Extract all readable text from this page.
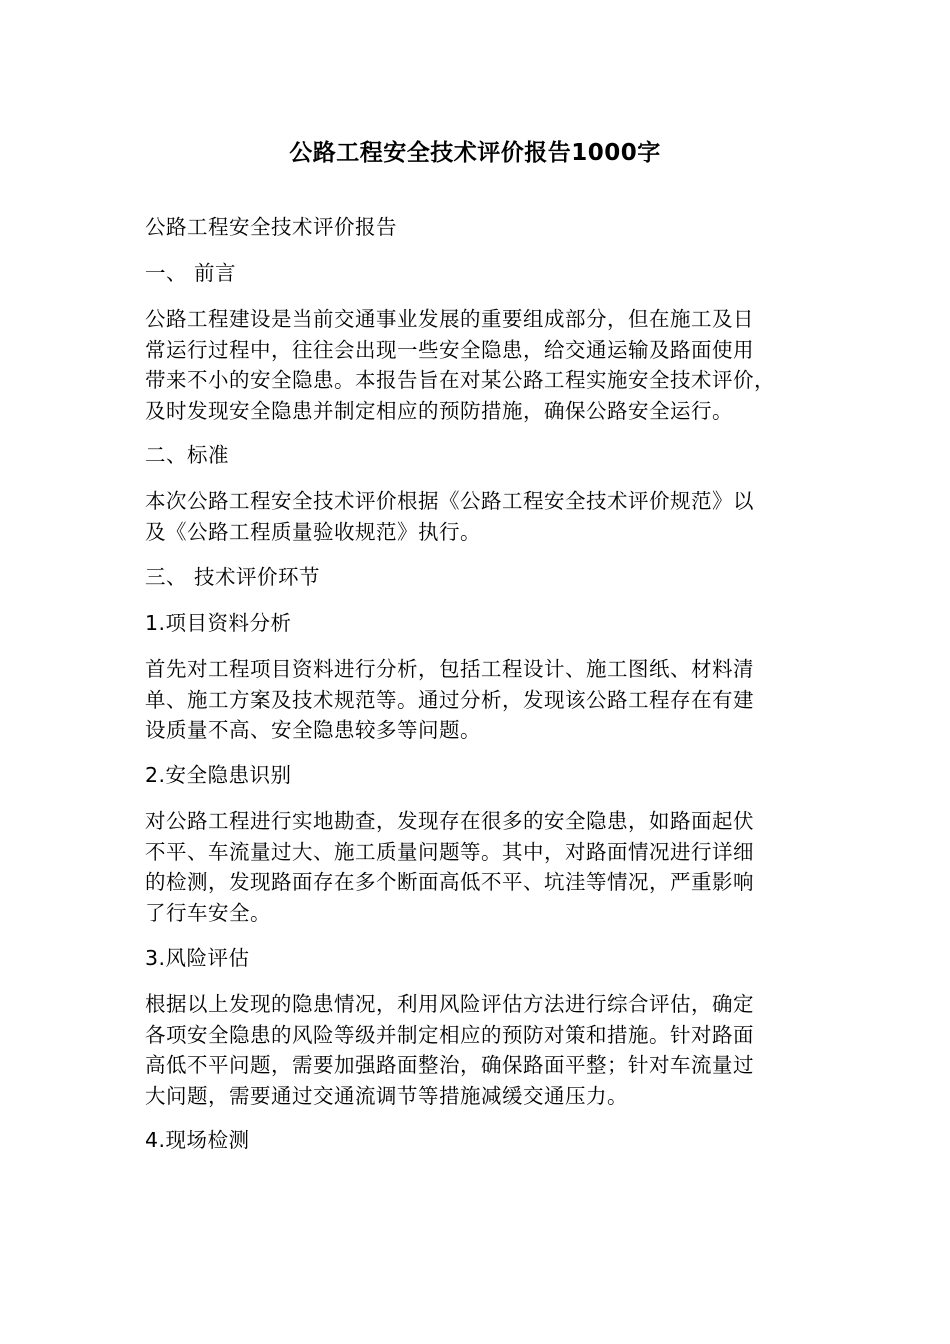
公路工程安全技术评价报告1000字
公路工程安全技术评价报告
一、 前言
公路工程建设是当前交通事业发展的重要组成部分，但在施工及日
常运行过程中，往往会出现一些安全隐患，给交通运输及路面使用
带来不小的安全隐患。本报告旨在对某公路工程实施安全技术评价，
及时发现安全隐患并制定相应的预防措施，确保公路安全运行。
二、标准
本次公路工程安全技术评价根据《公路工程安全技术评价规范》以
及《公路工程质量验收规范》执行。
三、 技术评价环节
1.项目资料分析
首先对工程项目资料进行分析，包括工程设计、施工图纸、材料清
单、施工方案及技术规范等。通过分析，发现该公路工程存在有建
设质量不高、安全隐患较多等问题。
2.安全隐患识别
对公路工程进行实地勘查，发现存在很多的安全隐患，如路面起伏
不平、车流量过大、施工质量问题等。其中，对路面情况进行详细
的检测，发现路面存在多个断面高低不平、坑洼等情况，严重影响
了行车安全。
3.风险评估
根据以上发现的隐患情况，利用风险评估方法进行综合评估，确定
各项安全隐患的风险等级并制定相应的预防对策和措施。针对路面
高低不平问题，需要加强路面整治，确保路面平整；针对车流量过
大问题，需要通过交通流调节等措施减缓交通压力。
4.现场检测
